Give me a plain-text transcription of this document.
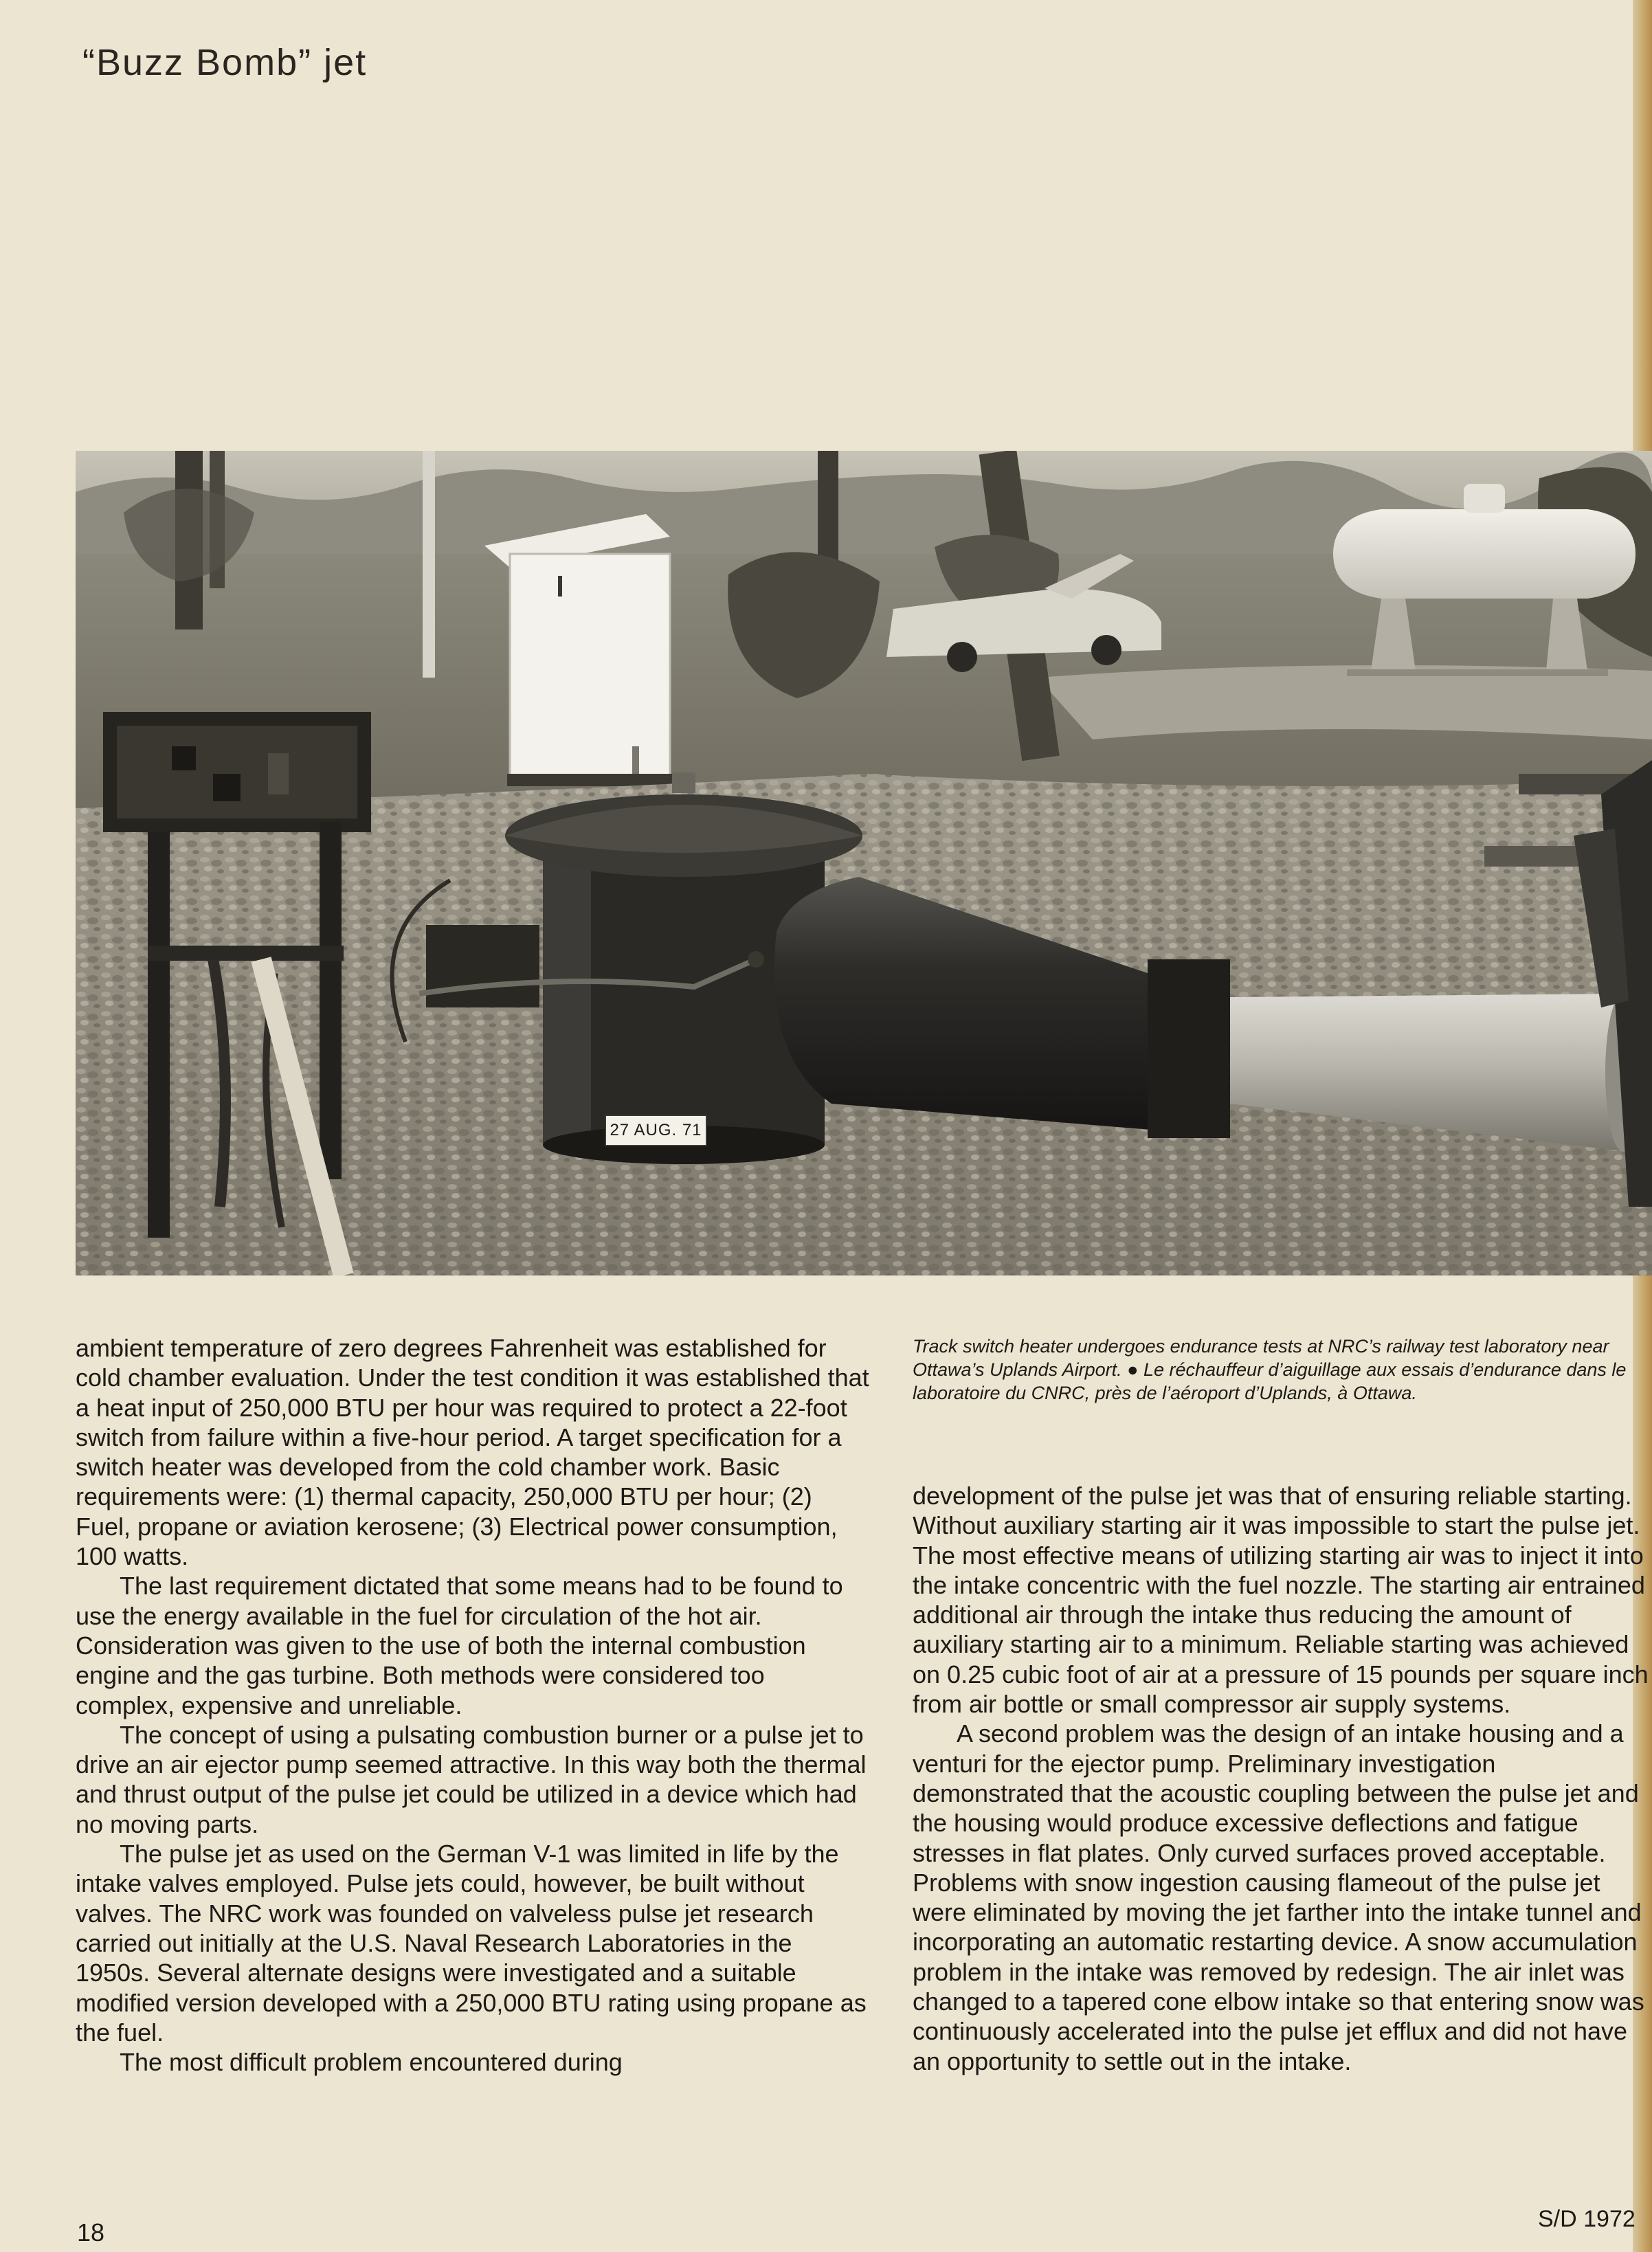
“Buzz Bomb” jet
27 AUG. 71
Track switch heater undergoes endurance tests at NRC’s railway test laboratory near Ottawa’s Uplands Airport. ● Le réchauffeur d’aiguillage aux essais d’endurance dans le laboratoire du CNRC, près de l’aéroport d’Uplands, à Ottawa.

ambient temperature of zero degrees Fahrenheit was established for cold chamber evaluation. Under the test condition it was established that a heat input of 250,000 BTU per hour was required to protect a 22-foot switch from failure within a five-hour period. A target specification for a switch heater was developed from the cold chamber work. Basic requirements were: (1) thermal capacity, 250,000 BTU per hour; (2) Fuel, propane or aviation kerosene; (3) Electrical power consumption, 100 watts.

The last requirement dictated that some means had to be found to use the energy available in the fuel for circulation of the hot air. Consideration was given to the use of both the internal combustion engine and the gas turbine. Both methods were considered too complex, expensive and unreliable.

The concept of using a pulsating combustion burner or a pulse jet to drive an air ejector pump seemed attractive. In this way both the thermal and thrust output of the pulse jet could be utilized in a device which had no moving parts.

The pulse jet as used on the German V-1 was limited in life by the intake valves employed. Pulse jets could, however, be built without valves. The NRC work was founded on valveless pulse jet research carried out initially at the U.S. Naval Research Laboratories in the 1950s. Several alternate designs were investigated and a suitable modified version developed with a 250,000 BTU rating using propane as the fuel.

The most difficult problem encountered during

development of the pulse jet was that of ensuring reliable starting. Without auxiliary starting air it was impossible to start the pulse jet. The most effective means of utilizing starting air was to inject it into the intake concentric with the fuel nozzle. The starting air entrained additional air through the intake thus reducing the amount of auxiliary starting air to a minimum. Reliable starting was achieved on 0.25 cubic foot of air at a pressure of 15 pounds per square inch from air bottle or small compressor air supply systems.

A second problem was the design of an intake housing and a venturi for the ejector pump. Preliminary investigation demonstrated that the acoustic coupling between the pulse jet and the housing would produce excessive deflections and fatigue stresses in flat plates. Only curved surfaces proved acceptable. Problems with snow ingestion causing flameout of the pulse jet were eliminated by moving the jet farther into the intake tunnel and incorporating an automatic restarting device. A snow accumulation problem in the intake was removed by redesign. The air inlet was changed to a tapered cone elbow intake so that entering snow was continuously accelerated into the pulse jet efflux and did not have an opportunity to settle out in the intake.

18	S/D 1972
